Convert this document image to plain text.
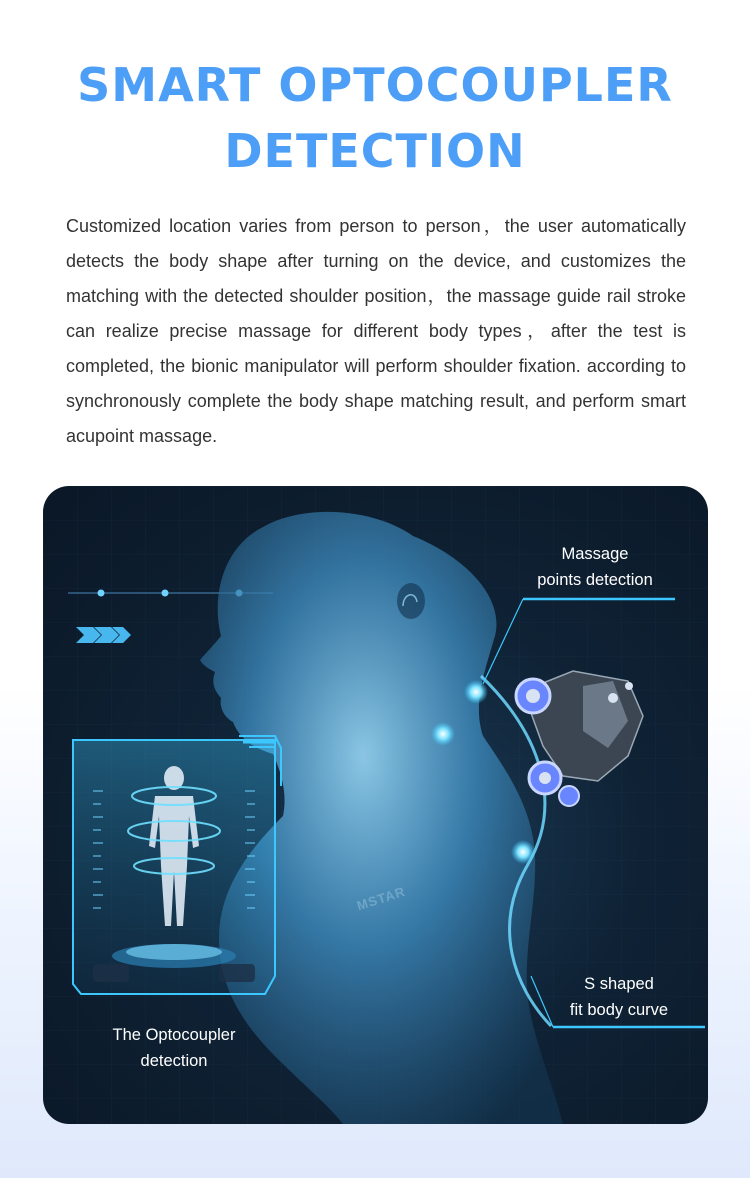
SMART OPTOCOUPLER
DETECTION

Customized location varies from person to person，the user automatically detects the body shape after turning on the device, and customizes the matching with the detected shoulder position，the massage guide rail stroke can realize precise massage for different body types，after the test is completed, the bionic manipulator will perform shoulder fixation. according to synchronously complete the body shape matching result, and perform smart acupoint massage.

MSTAR

Massage
points detection

S shaped
fit body curve

The Optocoupler
detection
